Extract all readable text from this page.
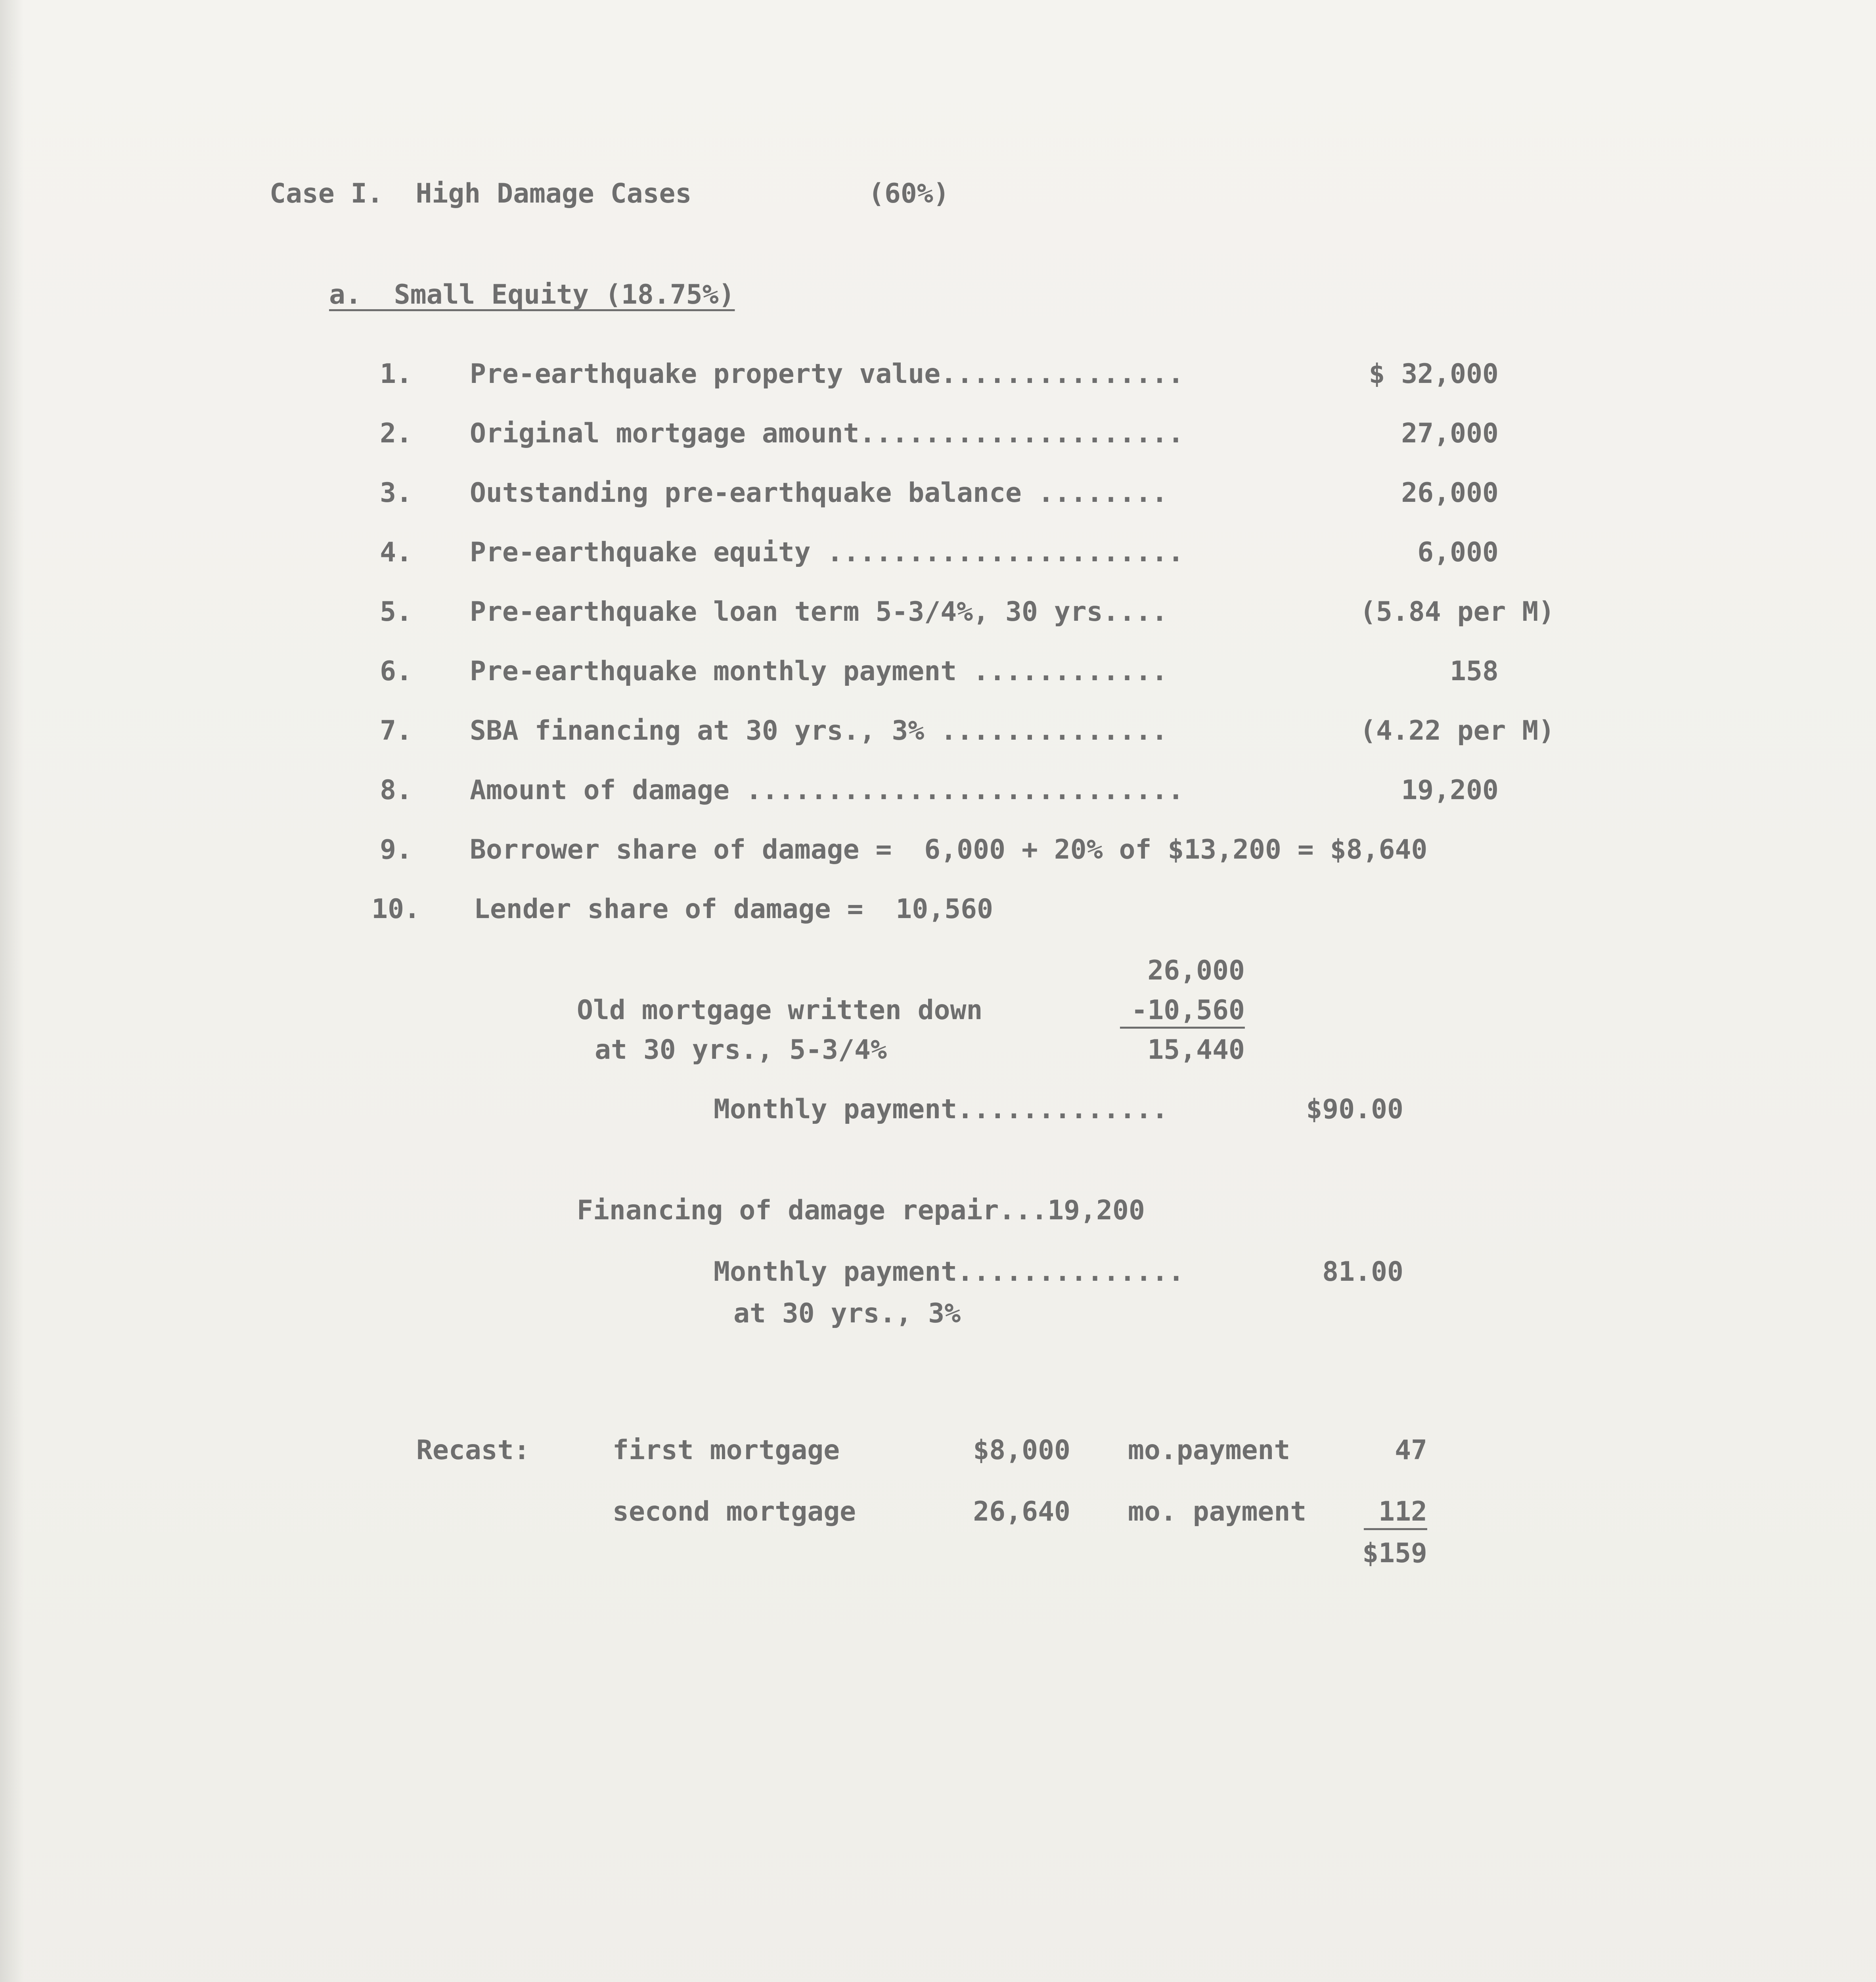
Case I.  High Damage Cases	(60%)
a.  Small Equity (18.75%)
1. Pre-earthquake property value...............	$ 32,000
2. Original mortgage amount....................	27,000
3. Outstanding pre-earthquake balance ........	26,000
4. Pre-earthquake equity ......................	6,000
5. Pre-earthquake loan term 5-3/4%, 30 yrs....	(5.84 per M)
6. Pre-earthquake monthly payment ............	158
7. SBA financing at 30 yrs., 3% ..............	(4.22 per M)
8. Amount of damage ...........................	19,200
9. Borrower share of damage =  6,000 + 20% of $13,200 = $8,640
10. Lender share of damage =  10,560
26,000
Old mortgage written down	-10,560
at 30 yrs., 5-3/4%	15,440
Monthly payment.............	$90.00
Financing of damage repair...19,200
Monthly payment..............	81.00
at 30 yrs., 3%
Recast:	first mortgage	$8,000 mo.payment	47
second mortgage	26,640 mo. payment	112
$159
